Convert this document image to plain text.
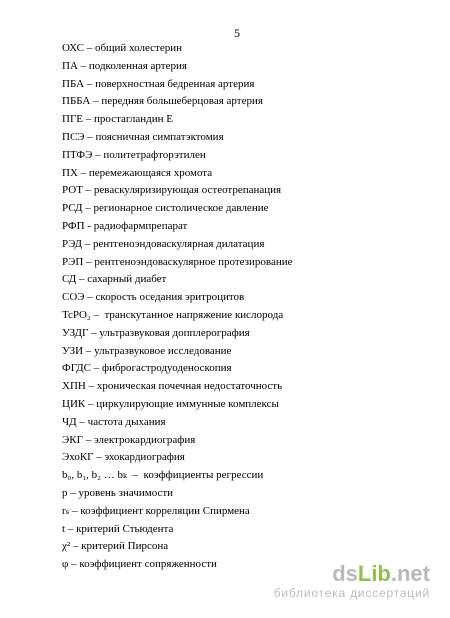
5
ОХС – общий холестерин
ПА – подколенная артерия
ПБА – поверхностная бедренная артерия
ПББА – передняя большеберцовая артерия
ПГЕ – простагландин Е
ПСЭ – поясничная симпатэктомия
ПТФЭ – политетрафторэтилен
ПХ – перемежающаяся хромота
РОТ – реваскуляризирующая остеотрепанация
РСД – регионарное систолическое давление
РФП - радиофармпрепарат
РЭД – рентгеноэндоваскулярная дилатация
РЭП – рентгеноэндоваскулярное протезирование
СД – сахарный диабет
СОЭ – скорость оседания эритроцитов
TcPO₂ –  транскутанное напряжение кислорода
УЗДГ – ультразвуковая допплерография
УЗИ – ультразвуковое исследование
ФГДС – фиброгастродуоденоскопия
ХПН – хроническая почечная недостаточность
ЦИК – циркулирующие иммунные комплексы
ЧД – частота дыхания
ЭКГ – электрокардиография
ЭхоКГ – эхокардиография
b₀, b₁, b₂ … bₖ  –  коэффициенты регрессии
p – уровень значимости
rₛ – коэффициент корреляции Спирмена
t – критерий Стьюдента
χ² – критерий Пирсона
φ – коэффициент сопряженности	dsLib.net
библиотека диссертаций
